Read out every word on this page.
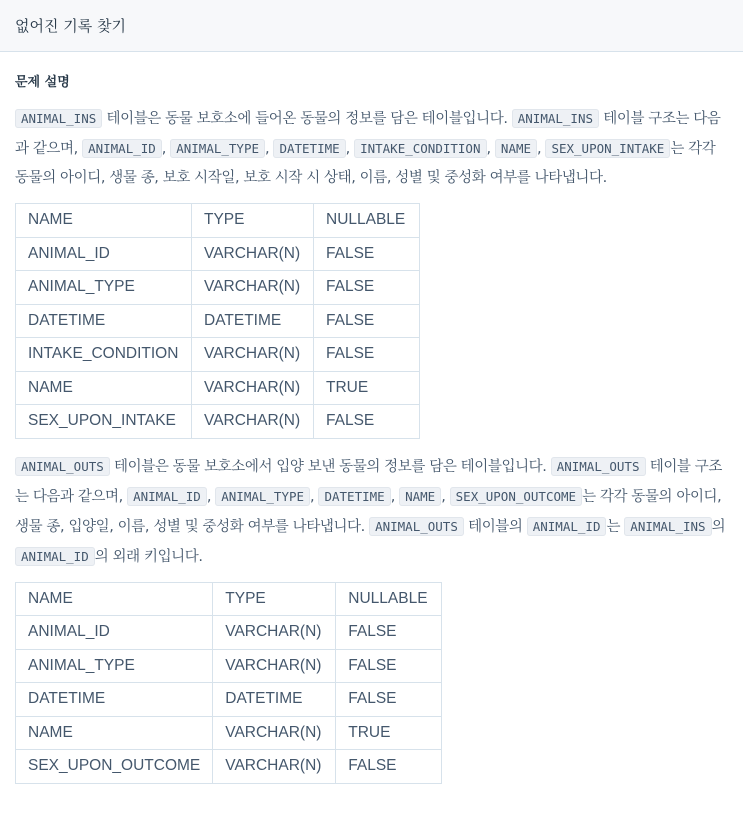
없어진 기록 찾기
문제 설명
ANIMAL_INS 테이블은 동물 보호소에 들어온 동물의 정보를 담은 테이블입니다. ANIMAL_INS 테이블 구조는 다음과 같으며, ANIMAL_ID , ANIMAL_TYPE , DATETIME , INTAKE_CONDITION , NAME , SEX_UPON_INTAKE 는 각각 동물의 아이디, 생물 종, 보호 시작일, 보호 시작 시 상태, 이름, 성별 및 중성화 여부를 나타냅니다.
NAME	TYPE	NULLABLE
ANIMAL_ID	VARCHAR(N)	FALSE
ANIMAL_TYPE	VARCHAR(N)	FALSE
DATETIME	DATETIME	FALSE
INTAKE_CONDITION	VARCHAR(N)	FALSE
NAME	VARCHAR(N)	TRUE
SEX_UPON_INTAKE	VARCHAR(N)	FALSE
ANIMAL_OUTS 테이블은 동물 보호소에서 입양 보낸 동물의 정보를 담은 테이블입니다. ANIMAL_OUTS 테이블 구조는 다음과 같으며, ANIMAL_ID , ANIMAL_TYPE , DATETIME , NAME , SEX_UPON_OUTCOME 는 각각 동물의 아이디, 생물 종, 입양일, 이름, 성별 및 중성화 여부를 나타냅니다. ANIMAL_OUTS 테이블의 ANIMAL_ID 는 ANIMAL_INS 의 ANIMAL_ID 의 외래 키입니다.
NAME	TYPE	NULLABLE
ANIMAL_ID	VARCHAR(N)	FALSE
ANIMAL_TYPE	VARCHAR(N)	FALSE
DATETIME	DATETIME	FALSE
NAME	VARCHAR(N)	TRUE
SEX_UPON_OUTCOME	VARCHAR(N)	FALSE
